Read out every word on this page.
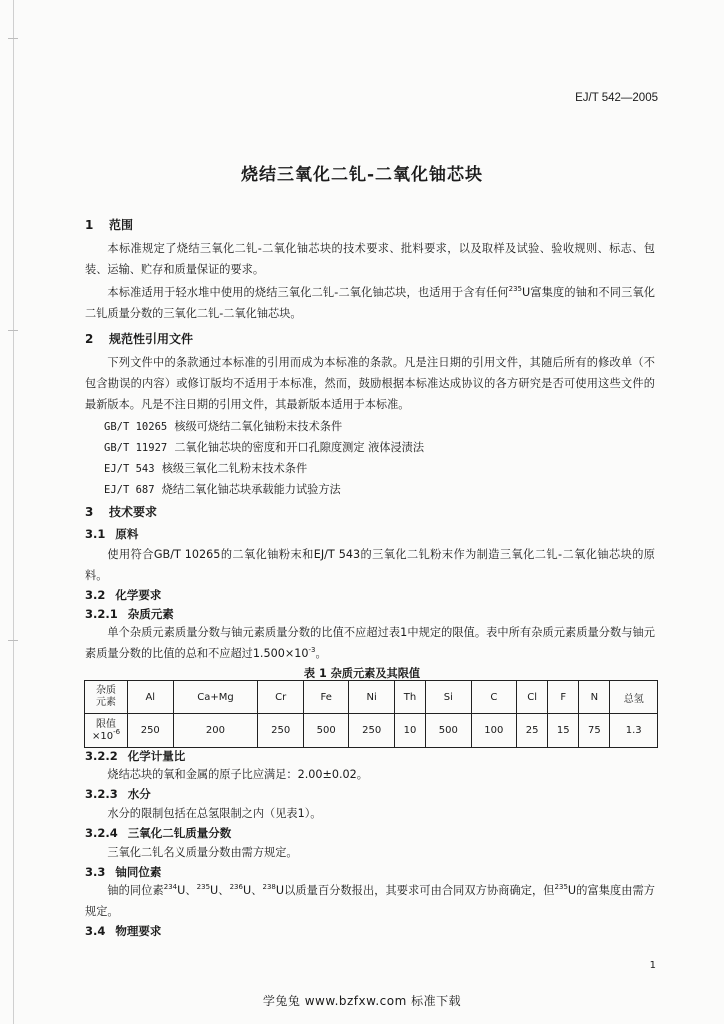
EJ/T 542—2005
烧结三氧化二钆-二氧化铀芯块
1 范围
本标准规定了烧结三氧化二钆-二氧化铀芯块的技术要求、批料要求，以及取样及试验、验收规则、标志、包装、运输、贮存和质量保证的要求。
本标准适用于轻水堆中使用的烧结三氧化二钆-二氧化铀芯块，也适用于含有任何$^{235}$U富集度的铀和不同三氧化二钆质量分数的三氧化二钆-二氧化铀芯块。
2 规范性引用文件
下列文件中的条款通过本标准的引用而成为本标准的条款。凡是注日期的引用文件，其随后所有的修改单（不包含勘误的内容）或修订版均不适用于本标准，然而，鼓励根据本标准达成协议的各方研究是否可使用这些文件的最新版本。凡是不注日期的引用文件，其最新版本适用于本标准。
GB/T 10265 核级可烧结二氧化铀粉末技术条件
GB/T 11927 二氧化铀芯块的密度和开口孔隙度测定 液体浸渍法
EJ/T 543 核级三氧化二钆粉末技术条件
EJ/T 687 烧结二氧化铀芯块承载能力试验方法
3 技术要求
3.1 原料
使用符合GB/T 10265的二氧化铀粉末和EJ/T 543的三氧化二钆粉末作为制造三氧化二钆-二氧化铀芯块的原料。
3.2 化学要求
3.2.1 杂质元素
单个杂质元素质量分数与铀元素质量分数的比值不应超过表1中规定的限值。表中所有杂质元素质量分数与铀元素质量分数的比值的总和不应超过$1.500\times 10^{-3}$。
表 1 杂质元素及其限值
杂质
元素	Al	Ca+Mg	Cr	Fe	Ni	Th	Si	C	Cl	F	N	总氢
限值
$\times 10^{-6}$	250	200	250	500	250	10	500	100	25	15	75	1.3
3.2.2 化学计量比
烧结芯块的氧和金属的原子比应满足：2.00±0.02。
3.2.3 水分
水分的限制包括在总氢限制之内（见表1）。
3.2.4 三氧化二钆质量分数
三氧化二钆名义质量分数由需方规定。
3.3 铀同位素
铀的同位素$^{234}$U、$^{235}$U、$^{236}$U、$^{238}$U以质量百分数报出，其要求可由合同双方协商确定，但$^{235}$U的富集度由需方规定。
3.4 物理要求
1
学兔兔 www.bzfxw.com 标准下载
